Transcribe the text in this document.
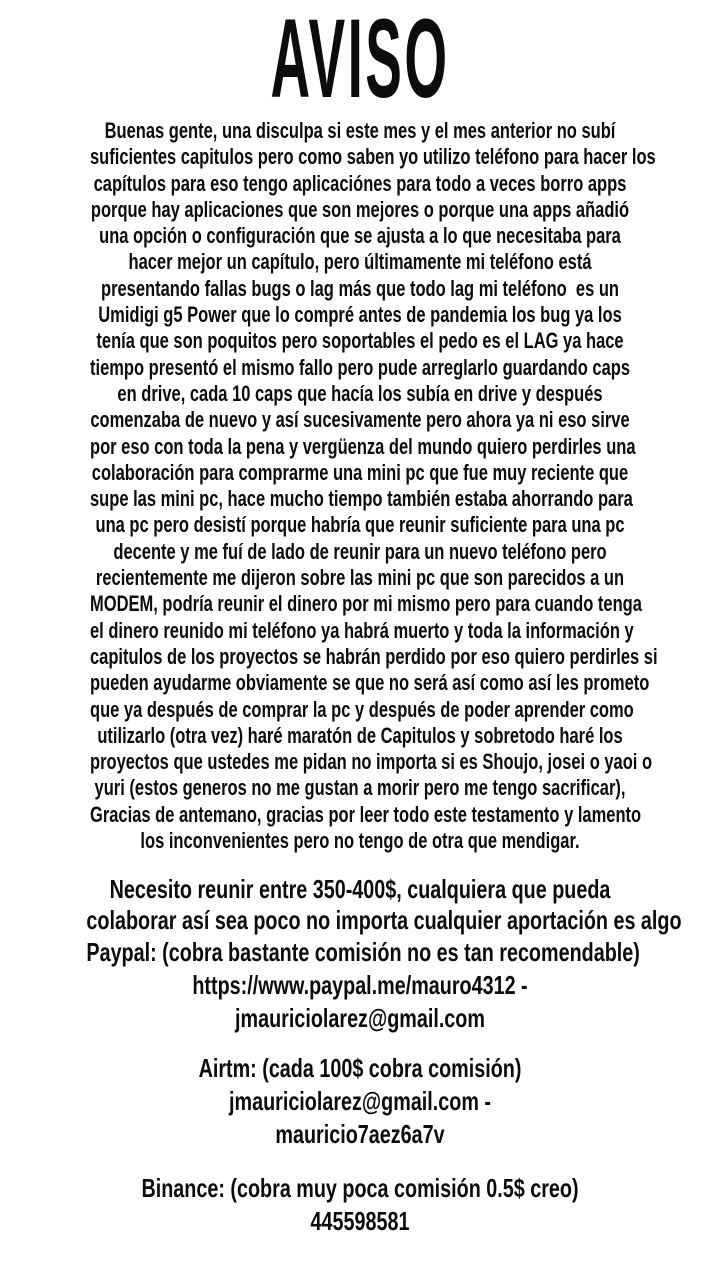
AVISO
Buenas gente, una disculpa si este mes y el mes anterior no subí
suficientes capitulos pero como saben yo utilizo teléfono para hacer los
capítulos para eso tengo aplicaciónes para todo a veces borro apps
porque hay aplicaciones que son mejores o porque una apps añadió
una opción o configuración que se ajusta a lo que necesitaba para
hacer mejor un capítulo, pero últimamente mi teléfono está
presentando fallas bugs o lag más que todo lag mi teléfono  es un
Umidigi g5 Power que lo compré antes de pandemia los bug ya los
tenía que son poquitos pero soportables el pedo es el LAG ya hace
tiempo presentó el mismo fallo pero pude arreglarlo guardando caps
en drive, cada 10 caps que hacía los subía en drive y después
comenzaba de nuevo y así sucesivamente pero ahora ya ni eso sirve
por eso con toda la pena y vergüenza del mundo quiero perdirles una
colaboración para comprarme una mini pc que fue muy reciente que
supe las mini pc, hace mucho tiempo también estaba ahorrando para
una pc pero desistí porque habría que reunir suficiente para una pc
decente y me fuí de lado de reunir para un nuevo teléfono pero
recientemente me dijeron sobre las mini pc que son parecidos a un
MODEM, podría reunir el dinero por mi mismo pero para cuando tenga
el dinero reunido mi teléfono ya habrá muerto y toda la información y
capitulos de los proyectos se habrán perdido por eso quiero perdirles si
pueden ayudarme obviamente se que no será así como así les prometo
que ya después de comprar la pc y después de poder aprender como
utilizarlo (otra vez) haré maratón de Capitulos y sobretodo haré los
proyectos que ustedes me pidan no importa si es Shoujo, josei o yaoi o
yuri (estos generos no me gustan a morir pero me tengo sacrificar),
Gracias de antemano, gracias por leer todo este testamento y lamento
los inconvenientes pero no tengo de otra que mendigar.
Necesito reunir entre 350-400$, cualquiera que pueda
colaborar así sea poco no importa cualquier aportación es algo
Paypal: (cobra bastante comisión no es tan recomendable)
https://www.paypal.me/mauro4312 -
jmauriciolarez@gmail.com
Airtm: (cada 100$ cobra comisión)
jmauriciolarez@gmail.com -
mauricio7aez6a7v
Binance: (cobra muy poca comisión 0.5$ creo)
445598581
